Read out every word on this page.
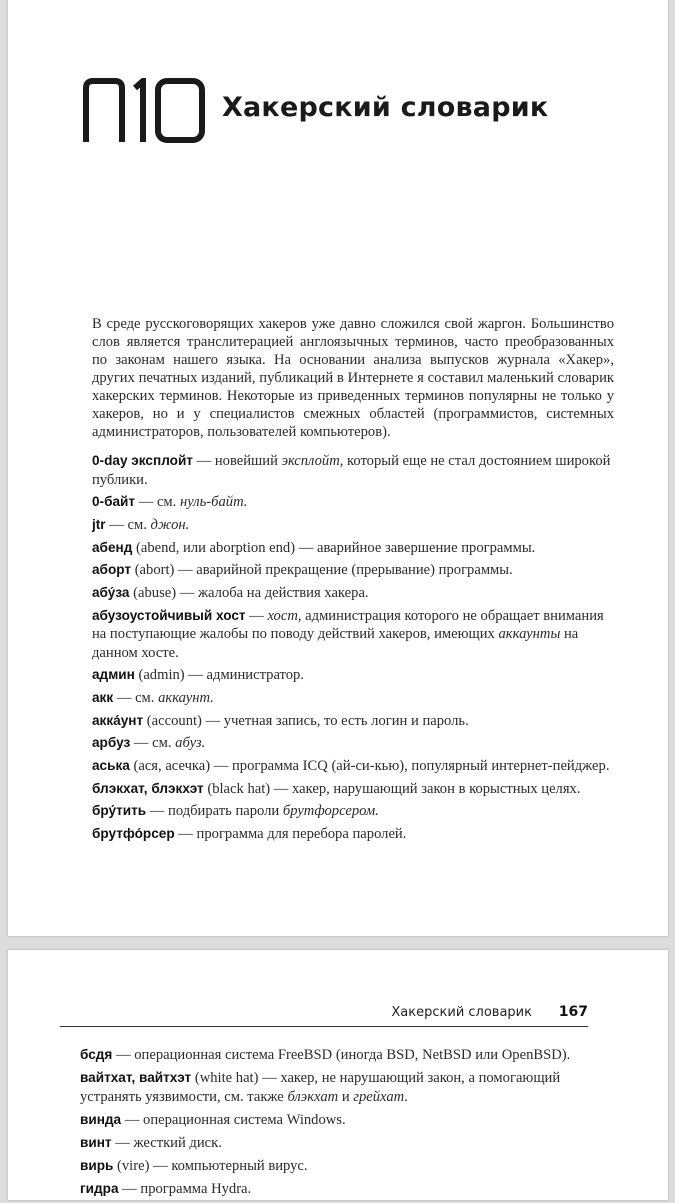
П10
Хакерский словарик

В среде русскоговорящих хакеров уже давно сложился свой жаргон. Большинство слов является транслитерацией англоязычных терминов, часто преобразованных по законам нашего языка. На основании анализа выпусков журнала «Хакер», других печатных изданий, публикаций в Интернете я составил маленький словарик хакерских терминов. Некоторые из приведенных терминов популярны не только у хакеров, но и у специалистов смежных областей (программистов, системных администраторов, пользователей компьютеров).

0-day эксплойт — новейший эксплойт, который еще не стал достоянием широкой публики.

0-байт — см. нуль-байт.

jtr — см. джон.

абенд (abend, или aborption end) — аварийное завершение программы.

аборт (abort) — аварийной прекращение (прерывание) программы.

абу́за (abuse) — жалоба на действия хакера.

абузоустойчивый хост — хост, администрация которого не обращает внимания на поступающие жалобы по поводу действий хакеров, имеющих аккаунты на данном хосте.

админ (admin) — администратор.

акк — см. аккаунт.

акка́унт (account) — учетная запись, то есть логин и пароль.

арбуз — см. абуз.

аська (ася, асечка) — программа ICQ (ай-си-кью), популярный интернет-пейджер.

блэкхат, блэкхэт (black hat) — хакер, нарушающий закон в корыстных целях.

бру́тить — подбирать пароли брутфорсером.

брутфо́рсер — программа для перебора паролей.

Хакерский словарик 167

бсдя — операционная система FreeBSD (иногда BSD, NetBSD или OpenBSD).

вайтхат, вайтхэт (white hat) — хакер, не нарушающий закон, а помогающий устранять уязвимости, см. также блэкхат и грейхат.

винда — операционная система Windows.

винт — жесткий диск.

вирь (vire) — компьютерный вирус.

гидра — программа Hydra.
